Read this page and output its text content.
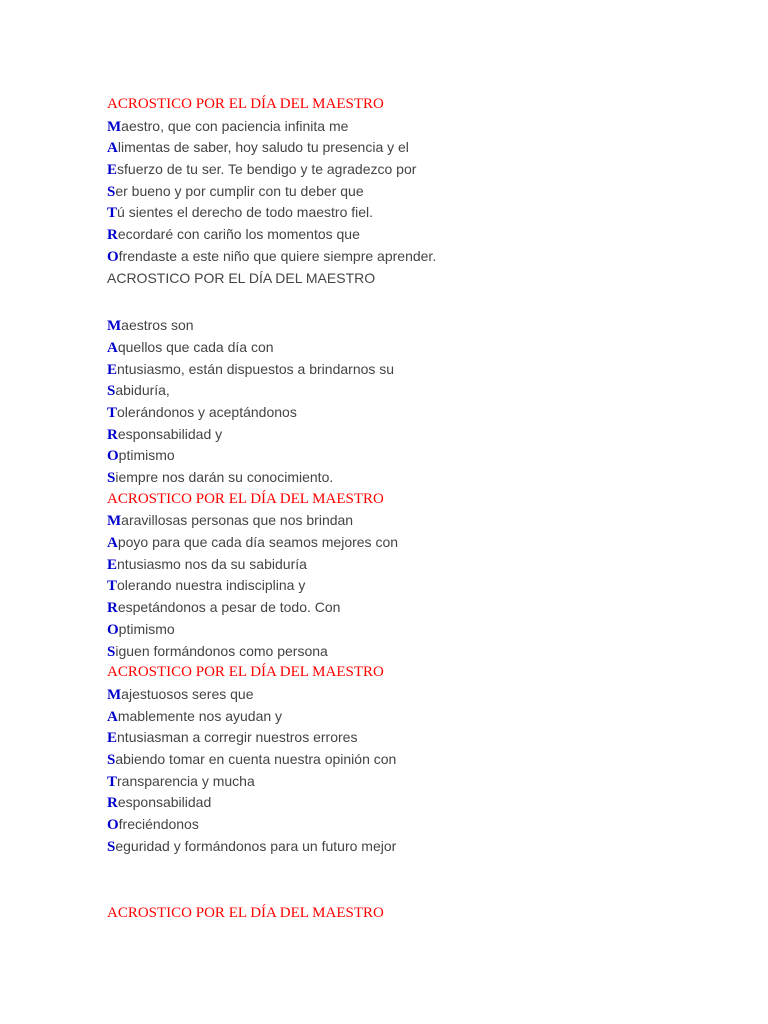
ACROSTICO POR EL DÍA DEL MAESTRO
Maestro, que con paciencia infinita me
Alimentas de saber, hoy saludo tu presencia y el
Esfuerzo de tu ser. Te bendigo y te agradezco por
Ser bueno y por cumplir con tu deber que
Tú sientes el derecho de todo maestro fiel.
Recordaré con cariño los momentos que
Ofrendaste a este niño que quiere siempre aprender.
ACROSTICO POR EL DÍA DEL MAESTRO
Maestros son
Aquellos que cada día con
Entusiasmo, están dispuestos a brindarnos su
Sabiduría,
Tolerándonos y aceptándonos
Responsabilidad y
Optimismo
Siempre nos darán su conocimiento.
ACROSTICO POR EL DÍA DEL MAESTRO
Maravillosas personas que nos brindan
Apoyo para que cada día seamos mejores con
Entusiasmo nos da su sabiduría
Tolerando nuestra indisciplina y
Respetándonos a pesar de todo. Con
Optimismo
Siguen formándonos como persona
ACROSTICO POR EL DÍA DEL MAESTRO
Majestuosos seres que
Amablemente nos ayudan y
Entusiasman a corregir nuestros errores
Sabiendo tomar en cuenta nuestra opinión con
Transparencia y mucha
Responsabilidad
Ofreciéndonos
Seguridad y formándonos para un futuro mejor
ACROSTICO POR EL DÍA DEL MAESTRO
